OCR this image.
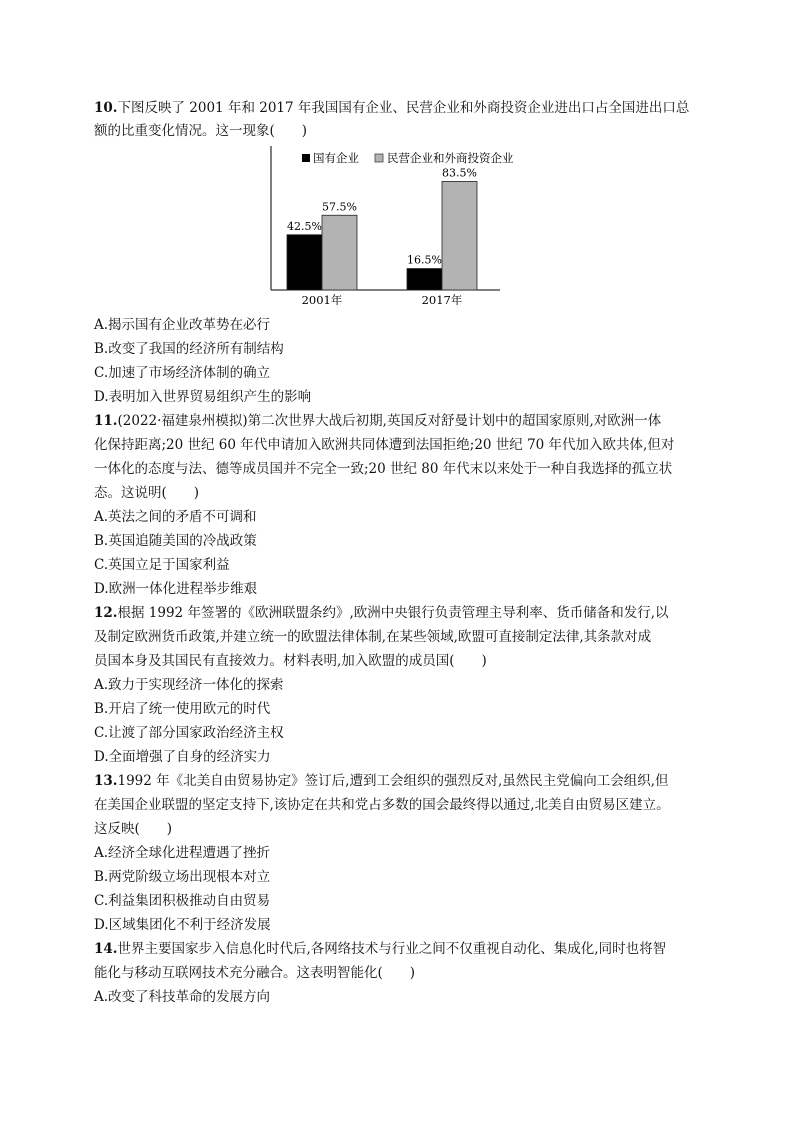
10.下图反映了 2001 年和 2017 年我国国有企业、民营企业和外商投资企业进出口占全国进出口总
额的比重变化情况。这一现象(　　)
国有企业 民营企业和外商投资企业
42.5%
57.5%
16.5%
83.5%
2001年	2017年
A.揭示国有企业改革势在必行
B.改变了我国的经济所有制结构
C.加速了市场经济体制的确立
D.表明加入世界贸易组织产生的影响
11.(2022·福建泉州模拟)第二次世界大战后初期,英国反对舒曼计划中的超国家原则,对欧洲一体
化保持距离;20 世纪 60 年代申请加入欧洲共同体遭到法国拒绝;20 世纪 70 年代加入欧共体,但对
一体化的态度与法、德等成员国并不完全一致;20 世纪 80 年代末以来处于一种自我选择的孤立状
态。这说明(　　)
A.英法之间的矛盾不可调和
B.英国追随美国的冷战政策
C.英国立足于国家利益
D.欧洲一体化进程举步维艰
12.根据 1992 年签署的《欧洲联盟条约》,欧洲中央银行负责管理主导利率、货币储备和发行,以
及制定欧洲货币政策,并建立统一的欧盟法律体制,在某些领域,欧盟可直接制定法律,其条款对成
员国本身及其国民有直接效力。材料表明,加入欧盟的成员国(　　)
A.致力于实现经济一体化的探索
B.开启了统一使用欧元的时代
C.让渡了部分国家政治经济主权
D.全面增强了自身的经济实力
13.1992 年《北美自由贸易协定》签订后,遭到工会组织的强烈反对,虽然民主党偏向工会组织,但
在美国企业联盟的坚定支持下,该协定在共和党占多数的国会最终得以通过,北美自由贸易区建立。
这反映(　　)
A.经济全球化进程遭遇了挫折
B.两党阶级立场出现根本对立
C.利益集团积极推动自由贸易
D.区域集团化不利于经济发展
14.世界主要国家步入信息化时代后,各网络技术与行业之间不仅重视自动化、集成化,同时也将智
能化与移动互联网技术充分融合。这表明智能化(　　)
A.改变了科技革命的发展方向
